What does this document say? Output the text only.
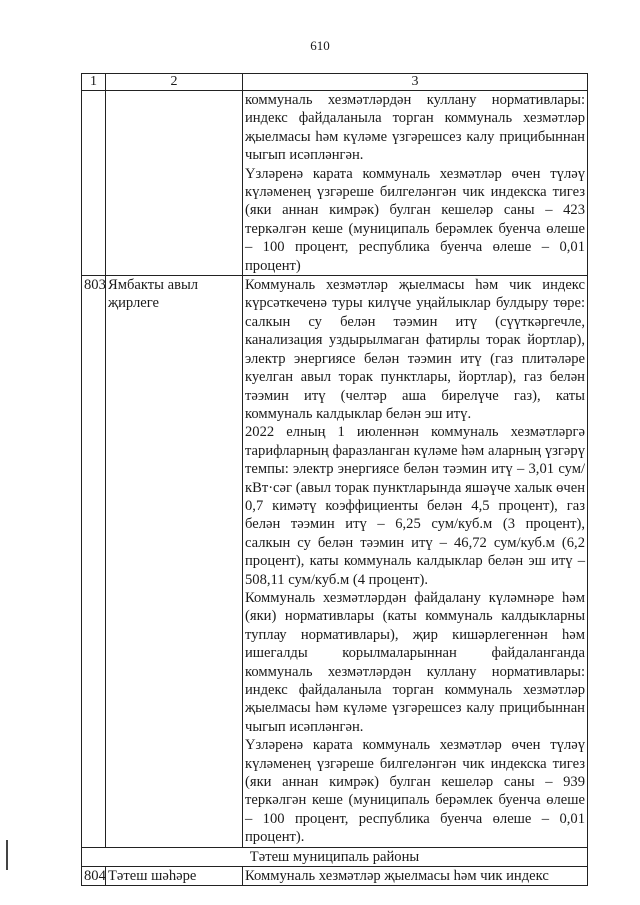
610
1	2	3

		коммуналь хезмәтләрдән куллану нормативлары: индекс файдаланыла торган коммуналь хезмәтләр җыелмасы һәм күләме үзгәрешсез калу прицибыннан чыгып исәпләнгән.

Үзләренә карата коммуналь хезмәтләр өчен түләү күләменең үзгәреше билгеләнгән чик индекска тигез (яки аннан кимрәк) булган кешеләр саны – 423 теркәлгән кеше (муниципаль берәмлек буенча өлеше – 100 процент, республика буенча өлеше – 0,01 процент)

803	Ямбакты авыл җирлеге	Коммуналь хезмәтләр җыелмасы һәм чик индекс күрсәткеченә туры килүче уңайлыклар булдыру төре: салкын су белән тәэмин итү (сүүткәргечле, канализация уздырылмаган фатирлы торак йортлар), электр энергиясе белән тәэмин итү (газ плитәләре куелган авыл торак пунктлары, йортлар), газ белән тәэмин итү (челтәр аша бирелүче газ), каты коммуналь калдыклар белән эш итү.

2022 елның 1 июленнән коммуналь хезмәтләргә тарифларның фаразланган күләме һәм аларның үзгәрү темпы: электр энергиясе белән тәэмин итү – 3,01 сум/кВт·сәг (авыл торак пунктларында яшәүче халык өчен 0,7 кимәтү коэффициенты белән 4,5 процент), газ белән тәэмин итү – 6,25 сум/куб.м (3 процент), салкын су белән тәэмин итү – 46,72 сум/куб.м (6,2 процент), каты коммуналь калдыклар белән эш итү – 508,11 сум/куб.м (4 процент).

Коммуналь хезмәтләрдән файдалану күләмнәре һәм (яки) нормативлары (каты коммуналь калдыкларны туплау нормативлары), җир кишәрлегеннән һәм ишегалды корылмаларыннан файдаланганда коммуналь хезмәтләрдән куллану нормативлары: индекс файдаланыла торган коммуналь хезмәтләр җыелмасы һәм күләме үзгәрешсез калу прицибыннан чыгып исәпләнгән.

Үзләренә карата коммуналь хезмәтләр өчен түләү күләменең үзгәреше билгеләнгән чик индекска тигез (яки аннан кимрәк) булган кешеләр саны – 939 теркәлгән кеше (муниципаль берәмлек буенча өлеше – 100 процент, республика буенча өлеше – 0,01 процент).

Тәтеш муниципаль районы		
804	Тәтеш шәһәре	Коммуналь хезмәтләр җыелмасы һәм чик индекс
